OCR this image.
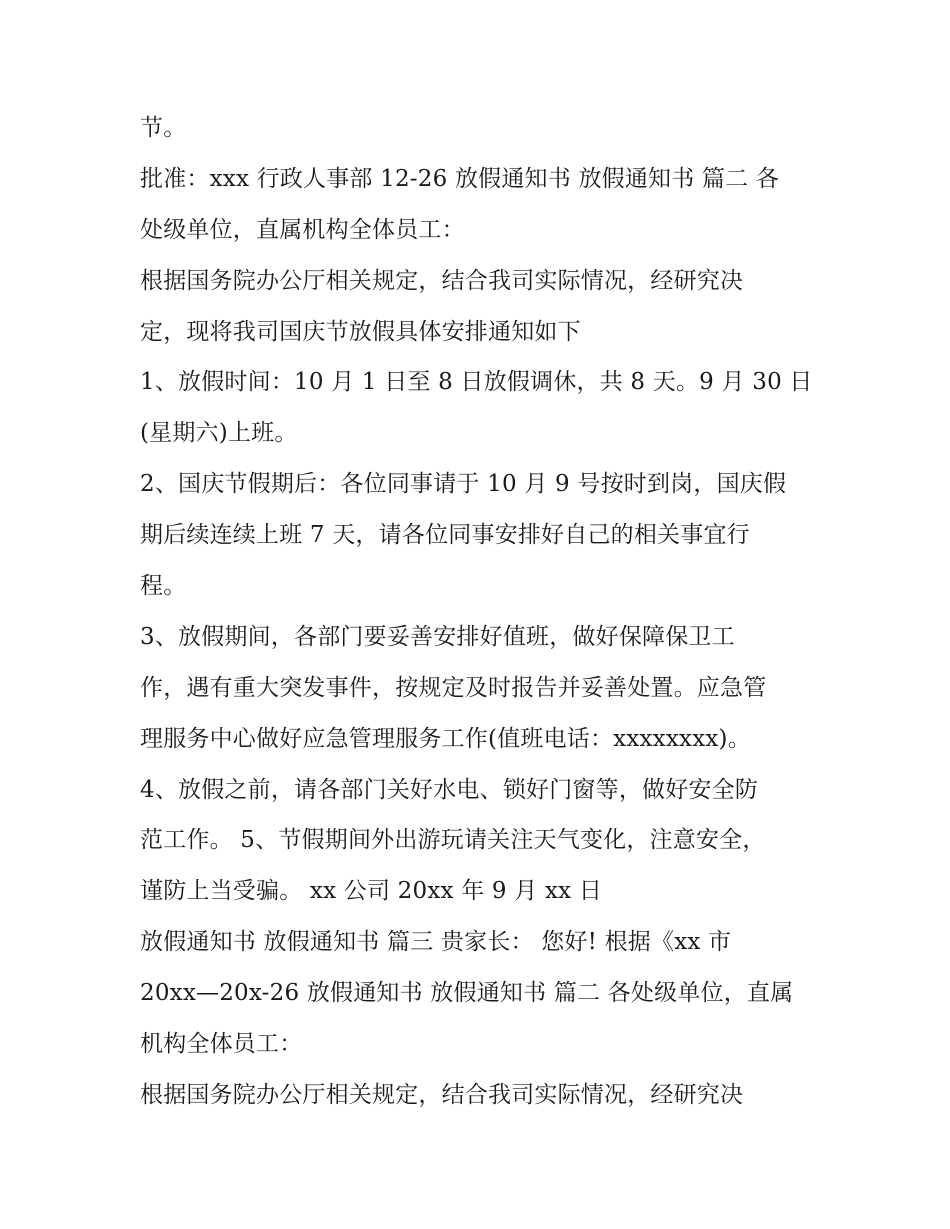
节。
批准：xxx 行政人事部 12-26 放假通知书 放假通知书 篇二 各
处级单位，直属机构全体员工：
根据国务院办公厅相关规定，结合我司实际情况，经研究决
定，现将我司国庆节放假具体安排通知如下
1、放假时间：10 月 1 日至 8 日放假调休，共 8 天。9 月 30 日
(星期六)上班。
2、国庆节假期后：各位同事请于 10 月 9 号按时到岗，国庆假
期后续连续上班 7 天，请各位同事安排好自己的相关事宜行
程。
3、放假期间，各部门要妥善安排好值班，做好保障保卫工
作，遇有重大突发事件，按规定及时报告并妥善处置。应急管
理服务中心做好应急管理服务工作(值班电话：xxxxxxxx)。
4、放假之前，请各部门关好水电、锁好门窗等，做好安全防
范工作。 5、节假期间外出游玩请关注天气变化，注意安全，
谨防上当受骗。 xx 公司 20xx 年 9 月 xx 日
放假通知书 放假通知书 篇三 贵家长： 您好! 根据《xx 市
20xx—20x-26 放假通知书 放假通知书 篇二 各处级单位，直属
机构全体员工：
根据国务院办公厅相关规定，结合我司实际情况，经研究决
